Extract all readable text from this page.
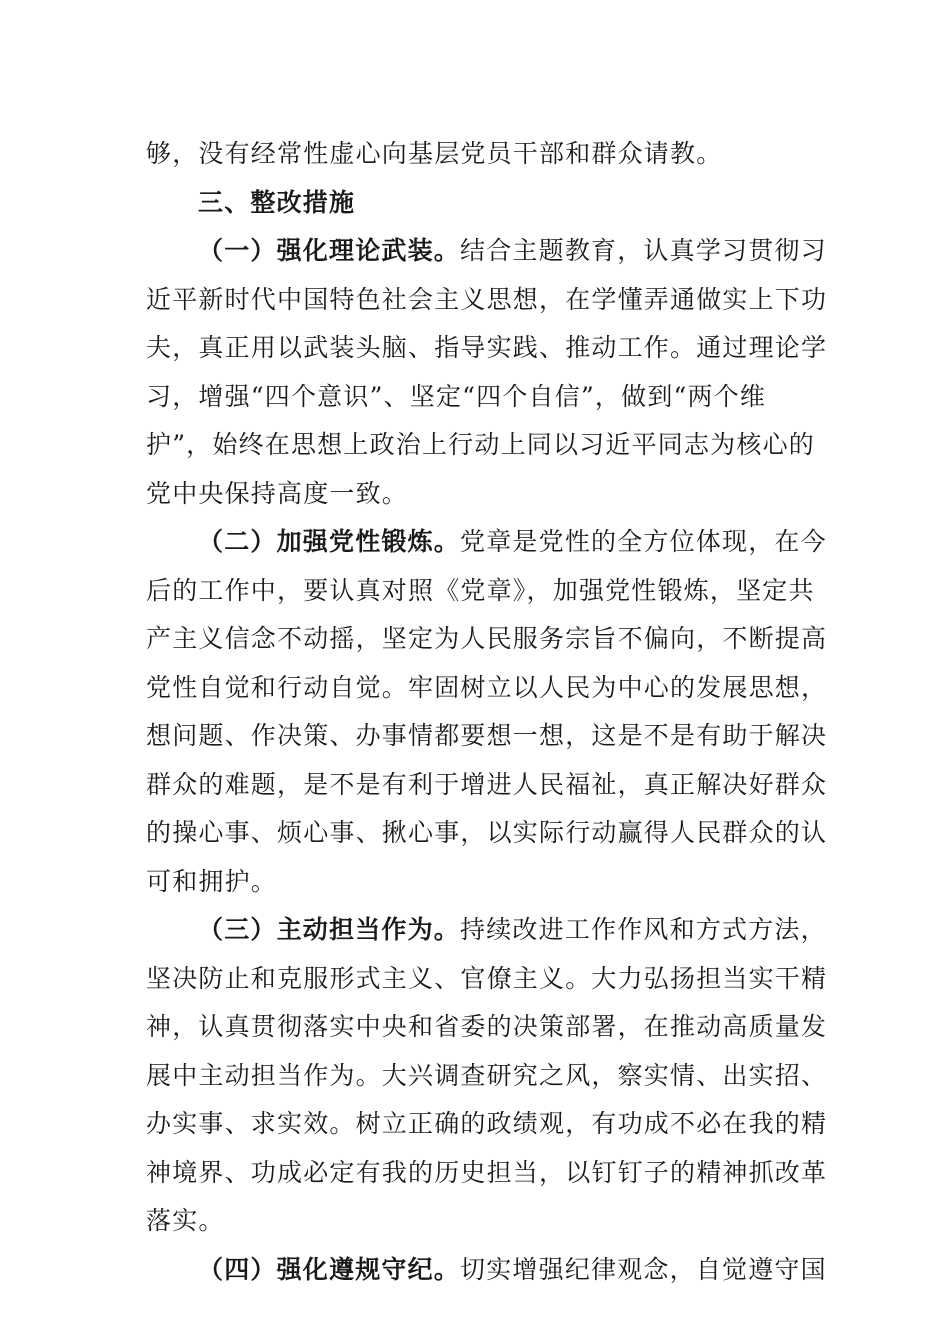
够，没有经常性虚心向基层党员干部和群众请教。
三、整改措施
（一）强化理论武装。结合主题教育，认真学习贯彻习
近平新时代中国特色社会主义思想，在学懂弄通做实上下功
夫，真正用以武装头脑、指导实践、推动工作。通过理论学
习，增强“四个意识”、坚定“四个自信”，做到“两个维
护”，始终在思想上政治上行动上同以习近平同志为核心的
党中央保持高度一致。
（二）加强党性锻炼。党章是党性的全方位体现，在今
后的工作中，要认真对照《党章》，加强党性锻炼，坚定共
产主义信念不动摇，坚定为人民服务宗旨不偏向，不断提高
党性自觉和行动自觉。牢固树立以人民为中心的发展思想，
想问题、作决策、办事情都要想一想，这是不是有助于解决
群众的难题，是不是有利于增进人民福祉，真正解决好群众
的操心事、烦心事、揪心事，以实际行动赢得人民群众的认
可和拥护。
（三）主动担当作为。持续改进工作作风和方式方法，
坚决防止和克服形式主义、官僚主义。大力弘扬担当实干精
神，认真贯彻落实中央和省委的决策部署，在推动高质量发
展中主动担当作为。大兴调查研究之风，察实情、出实招、
办实事、求实效。树立正确的政绩观，有功成不必在我的精
神境界、功成必定有我的历史担当，以钉钉子的精神抓改革
落实。
（四）强化遵规守纪。切实增强纪律观念，自觉遵守国
